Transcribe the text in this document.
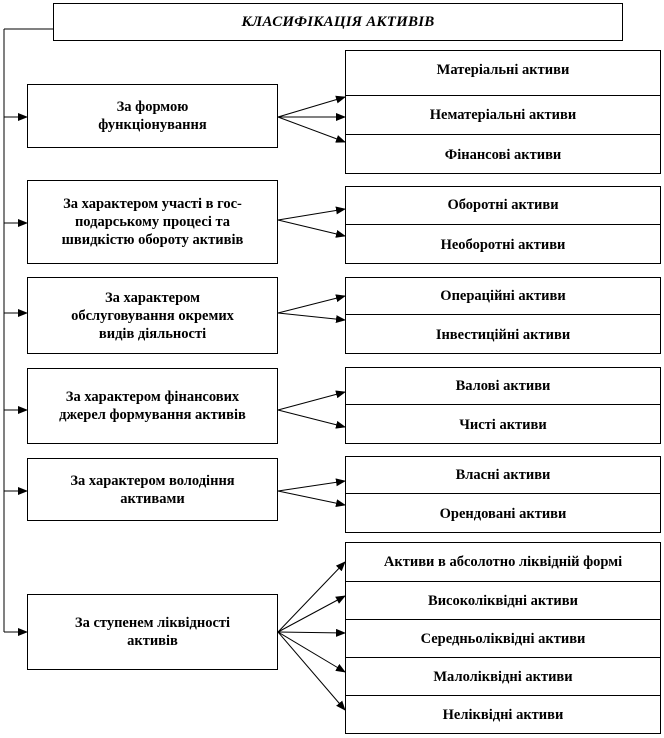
КЛАСИФІКАЦІЯ АКТИВІВ
За формою
функціонування
За характером участі в гос-
подарському процесі та
швидкістю обороту активів
За характером
обслуговування окремих
видів діяльності
За характером фінансових
джерел формування активів
За характером володіння
активами
За ступенем ліквідності
активів
Матеріальні активи
Нематеріальні активи
Фінансові активи
Оборотні активи
Необоротні активи
Операційні активи
Інвестиційні активи
Валові активи
Чисті активи
Власні активи
Орендовані активи
Активи в абсолотно ліквідній формі
Високоліквідні активи
Середньоліквідні активи
Малоліквідні активи
Неліквідні активи
